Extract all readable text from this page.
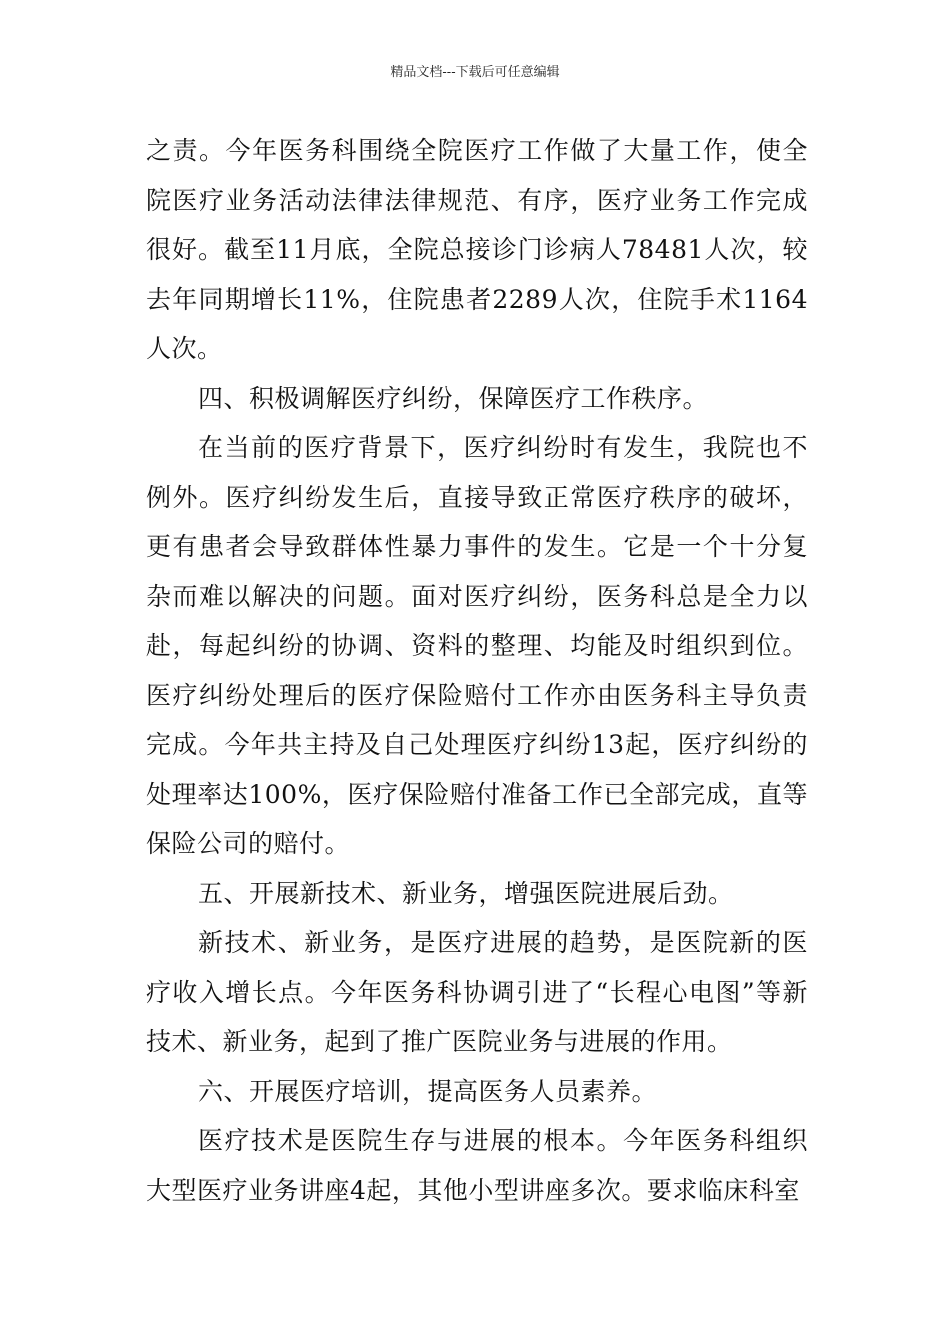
精品文档---下载后可任意编辑

之责。今年医务科围绕全院医疗工作做了大量工作，使全院医疗业务活动法律法律规范、有序，医疗业务工作完成很好。截至11月底，全院总接诊门诊病人78481人次，较去年同期增长11%，住院患者2289人次，住院手术1164人次。

四、积极调解医疗纠纷，保障医疗工作秩序。

在当前的医疗背景下，医疗纠纷时有发生，我院也不例外。医疗纠纷发生后，直接导致正常医疗秩序的破坏，更有患者会导致群体性暴力事件的发生。它是一个十分复杂而难以解决的问题。面对医疗纠纷，医务科总是全力以赴，每起纠纷的协调、资料的整理、均能及时组织到位。医疗纠纷处理后的医疗保险赔付工作亦由医务科主导负责完成。今年共主持及自己处理医疗纠纷13起，医疗纠纷的处理率达100%，医疗保险赔付准备工作已全部完成，直等保险公司的赔付。

五、开展新技术、新业务，增强医院进展后劲。

新技术、新业务，是医疗进展的趋势，是医院新的医疗收入增长点。今年医务科协调引进了“长程心电图”等新技术、新业务，起到了推广医院业务与进展的作用。

六、开展医疗培训，提高医务人员素养。

医疗技术是医院生存与进展的根本。今年医务科组织大型医疗业务讲座4起，其他小型讲座多次。要求临床科室
